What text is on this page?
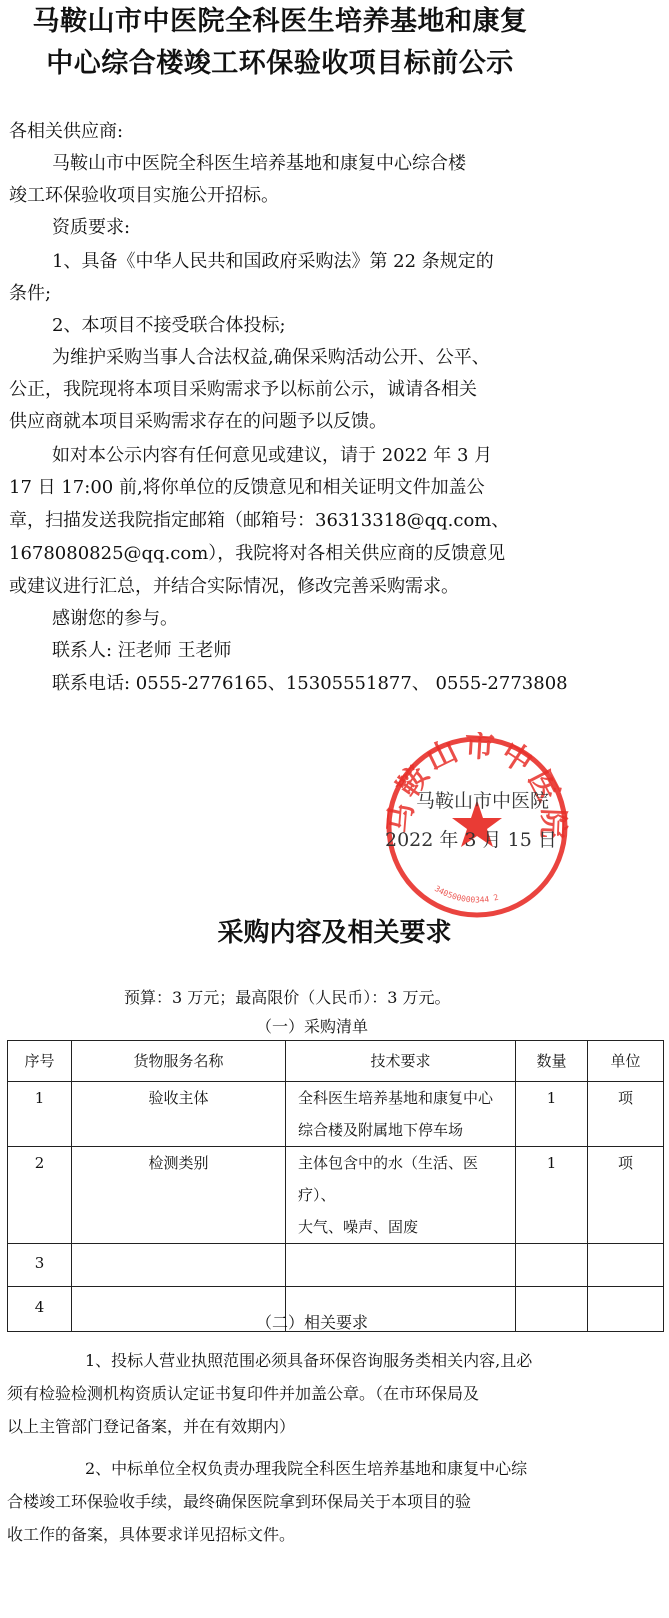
马鞍山市中医院全科医生培养基地和康复
中心综合楼竣工环保验收项目标前公示
各相关供应商:
马鞍山市中医院全科医生培养基地和康复中心综合楼
竣工环保验收项目实施公开招标。
资质要求:
1、具备《中华人民共和国政府采购法》第 22 条规定的
条件;
2、本项目不接受联合体投标;
为维护采购当事人合法权益,确保采购活动公开、公平、
公正，我院现将本项目采购需求予以标前公示，诚请各相关
供应商就本项目采购需求存在的问题予以反馈。
如对本公示内容有任何意见或建议，请于 2022 年 3 月
17 日 17:00 前,将你单位的反馈意见和相关证明文件加盖公
章，扫描发送我院指定邮箱（邮箱号：36313318@qq.com、
1678080825@qq.com），我院将对各相关供应商的反馈意见
或建议进行汇总，并结合实际情况，修改完善采购需求。
感谢您的参与。
联系人: 汪老师 王老师
联系电话: 0555-2776165、15305551877、 0555-2773808
马鞍山市中医院
340500000344 2
马鞍山市中医院
2022 年 3 月 15 日
采购内容及相关要求
预算：3 万元；最高限价（人民币）：3 万元。
（一）采购清单
序号	货物服务名称	技术要求	数量	单位
1	验收主体	全科医生培养基地和康复中心
综合楼及附属地下停车场	1	项
2	检测类别	主体包含中的水（生活、医疗）、
大气、噪声、固废	1	项
3				
4				
（二）相关要求
1、投标人营业执照范围必须具备环保咨询服务类相关内容,且必
须有检验检测机构资质认定证书复印件并加盖公章。（在市环保局及
以上主管部门登记备案，并在有效期内）
2、中标单位全权负责办理我院全科医生培养基地和康复中心综
合楼竣工环保验收手续，最终确保医院拿到环保局关于本项目的验
收工作的备案，具体要求详见招标文件。
